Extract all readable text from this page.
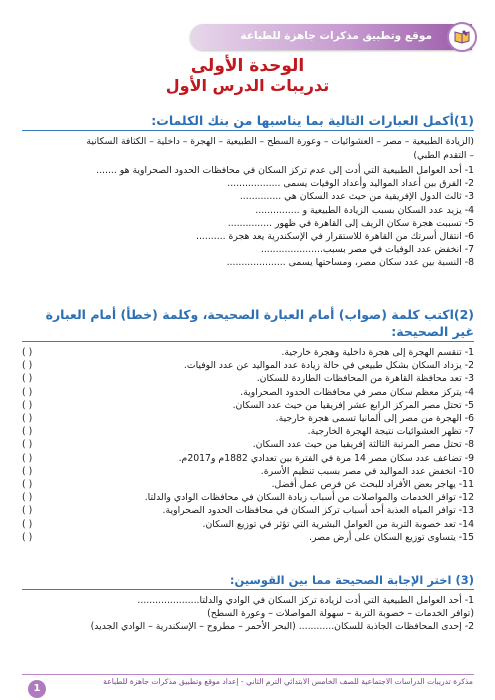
موقع وتطبيق مذكرات جاهزة للطباعة
الوحدة الأولى
تدريبات الدرس الأول

(1)أكمل العبارات التالية بما يناسبها من بنك الكلمات:

(الزيادة الطبيعية – مصر – العشوائيات – وعورة السطح – الطبيعية – الهجرة – داخلية – الكثافة السكانية
– التقدم الطبي)

1- أحد العوامل الطبيعية التي أدت إلى عدم تركز السكان في محافظات الحدود الصحراوية هو .......

2- الفرق بين أعداد المواليد وأعداد الوفيات يسمى ..................

3- ثالث الدول الإفريقية من حيث عدد السكان هي ..............

4- يزيد عدد السكان بسبب الزيادة الطبيعية و ...............

5- تسببت هجرة سكان الريف إلى القاهرة في ظهور ...............

6- انتقال أسرتك من القاهرة للاستقرار في الإسكندرية يعد هجرة ..........

7- انخفض عدد الوفيات في مصر بسبب.....................

8- النسبة بين عدد سكان مصر، ومساحتها يسمى ....................

(2)اكتب كلمة (صواب) أمام العبارة الصحيحة، وكلمة (خطأ) أمام العبارة غير الصحيحة:

1- تنقسم الهجرة إلى هجرة داخلية وهجرة خارجية.
( )
2- يزداد السكان بشكل طبيعي في حالة زيادة عدد المواليد عن عدد الوفيات.
( )
3- تعد محافظة القاهرة من المحافظات الطاردة للسكان.
( )
4- يتركز معظم سكان مصر في محافظات الحدود الصحراوية.
( )
5- تحتل مصر المركز الرابع عشر إفريقيا من حيث عدد السكان.
( )
6- الهجرة من مصر إلى ألمانيا تسمى هجرة خارجية.
( )
7- تظهر العشوائيات نتيجة الهجرة الخارجية.
( )
8- تحتل مصر المرتبة الثالثة إفريقيا من حيث عدد السكان.
( )
9- تضاعف عدد سكان مصر 14 مرة في الفترة بين تعدادي 1882م و2017م.
( )
10- انخفض عدد المواليد في مصر بسبب تنظيم الأسرة.
( )
11- يهاجر بعض الأفراد للبحث عن فرص عمل أفضل.
( )
12- توافر الخدمات والمواصلات من أسباب زيادة السكان في محافظات الوادي والدلتا.
( )
13- توافر المياه العذبة أحد أسباب تركز السكان في محافظات الحدود الصحراوية.
( )
14- تعد خصوبة التربة من العوامل البشرية التي تؤثر في توزيع السكان.
( )
15- يتساوى توزيع السكان على أرض مصر.
( )

(3) اختر الإجابة الصحيحة مما بين القوسين:

1- أحد العوامل الطبيعية التي أدت لزيادة تركز السكان في الوادي والدلتا.....................

(توافر الخدمات – خصوبة التربة – سهولة المواصلات – وعورة السطح)

2- إحدى المحافظات الجاذبة للسكان............ (البحر الأحمر – مطروح – الإسكندرية – الوادي الجديد)

مذكرة تدريبات الدراسات الاجتماعية للصف الخامس الابتدائي الترم الثاني - إعداد موقع وتطبيق مذكرات جاهزة للطباعة
1
